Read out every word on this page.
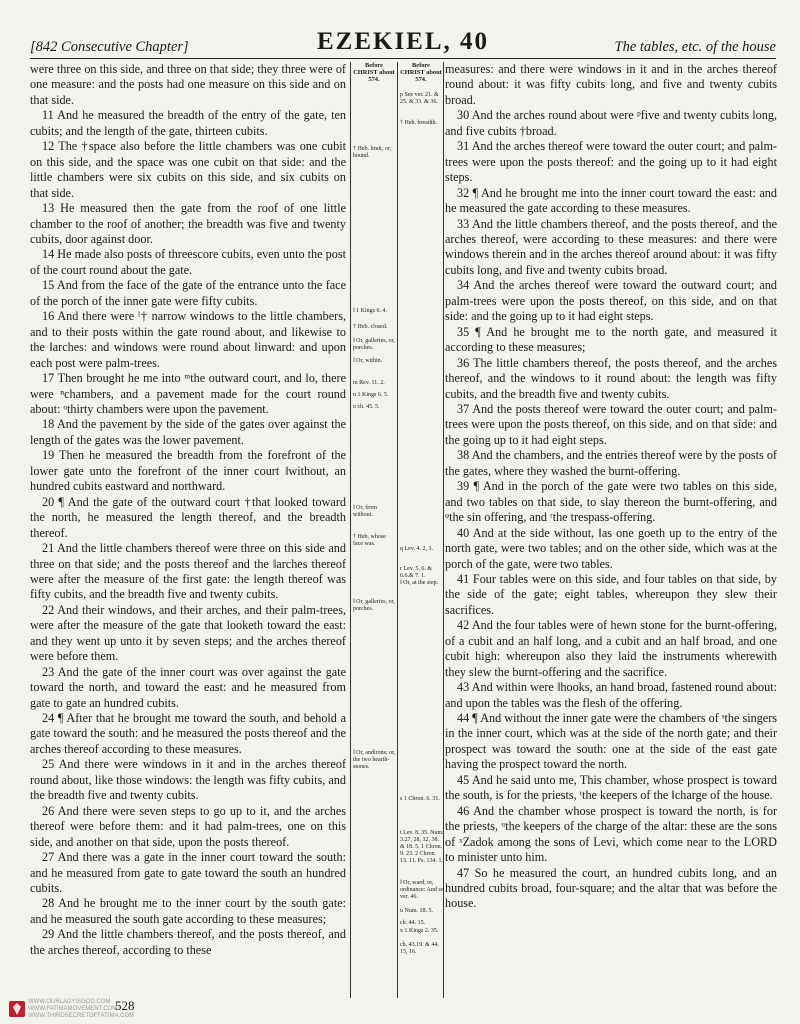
[842 Consecutive Chapter]	EZEKIEL, 40	The tables, etc. of the house

were three on this side, and three on that side; they three were of one measure: and the posts had one measure on this side and on that side.

11 And he measured the breadth of the entry of the gate, ten cubits; and the length of the gate, thirteen cubits.

12 The †space also before the little chambers was one cubit on this side, and the space was one cubit on that side: and the little chambers were six cubits on this side, and six cubits on that side.

13 He measured then the gate from the roof of one little chamber to the roof of another; the breadth was five and twenty cubits, door against door.

14 He made also posts of threescore cubits, even unto the post of the court round about the gate.

15 And from the face of the gate of the entrance unto the face of the porch of the inner gate were fifty cubits.

16 And there were ˡ† narrow windows to the little chambers, and to their posts within the gate round about, and likewise to the ‖arches: and windows were round about ‖inward: and upon each post were palm-trees.

17 Then brought he me into ᵐthe outward court, and lo, there were ⁿchambers, and a pavement made for the court round about: ᵒthirty chambers were upon the pavement.

18 And the pavement by the side of the gates over against the length of the gates was the lower pavement.

19 Then he measured the breadth from the forefront of the lower gate unto the forefront of the inner court ‖without, an hundred cubits eastward and northward.

20 ¶ And the gate of the outward court †that looked toward the north, he measured the length thereof, and the breadth thereof.

21 And the little chambers thereof were three on this side and three on that side; and the posts thereof and the ‖arches thereof were after the measure of the first gate: the length thereof was fifty cubits, and the breadth five and twenty cubits.

22 And their windows, and their arches, and their palm-trees, were after the measure of the gate that looketh toward the east: and they went up unto it by seven steps; and the arches thereof were before them.

23 And the gate of the inner court was over against the gate toward the north, and toward the east: and he measured from gate to gate an hundred cubits.

24 ¶ After that he brought me toward the south, and behold a gate toward the south: and he measured the posts thereof and the arches thereof according to these measures.

25 And there were windows in it and in the arches thereof round about, like those windows: the length was fifty cubits, and the breadth five and twenty cubits.

26 And there were seven steps to go up to it, and the arches thereof were before them: and it had palm-trees, one on this side, and another on that side, upon the posts thereof.

27 And there was a gate in the inner court toward the south: and he measured from gate to gate toward the south an hundred cubits.

28 And he brought me to the inner court by the south gate: and he measured the south gate according to these measures;

29 And the little chambers thereof, and the posts thereof, and the arches thereof, according to these

Before CHRIST about 574.
† Heb. limit, or, bound.
‖ 1 Kings 6. 4.
† Heb. closed.
‖ Or, galleries, or, porches.
‖ Or, within.
m Rev. 11. 2.
n 1 Kings 6. 5.
o ch. 45. 5.
‖ Or, from without.
† Heb. whose face was.
‖ Or, galleries, or, porches.
‖ Or, andirons; or, the two hearth-stones.
Before CHRIST about 574.
p See ver. 21. & 25. & 33. & 36.
† Heb. breadth.
q Lev. 4. 2, 3.
r Lev. 5. 6. & 6.6.& 7. 1.
‖ Or, at the step.
s 1 Chron. 6. 31.
t Lev. 8. 35. Num. 3.27, 28, 32, 38. & 18. 5. 1 Chron. 9. 23. 2 Chron. 13. 11. Ps. 134. 1.
‖ Or, ward, or, ordinance: And so ver. 46.
u Num. 18. 5.
ch. 44. 15.
x 1 Kings 2. 35.
ch. 43.19. & 44. 15, 16.

measures: and there were windows in it and in the arches thereof round about: it was fifty cubits long, and five and twenty cubits broad.

30 And the arches round about were ᵖfive and twenty cubits long, and five cubits †broad.

31 And the arches thereof were toward the outer court; and palm-trees were upon the posts thereof: and the going up to it had eight steps.

32 ¶ And he brought me into the inner court toward the east: and he measured the gate according to these measures.

33 And the little chambers thereof, and the posts thereof, and the arches thereof, were according to these measures: and there were windows therein and in the arches thereof around about: it was fifty cubits long, and five and twenty cubits broad.

34 And the arches thereof were toward the outward court; and palm-trees were upon the posts thereof, on this side, and on that side: and the going up to it had eight steps.

35 ¶ And he brought me to the north gate, and measured it according to these measures;

36 The little chambers thereof, the posts thereof, and the arches thereof, and the windows to it round about: the length was fifty cubits, and the breadth five and twenty cubits.

37 And the posts thereof were toward the outer court; and palm-trees were upon the posts thereof, on this side, and on that side: and the going up to it had eight steps.

38 And the chambers, and the entries thereof were by the posts of the gates, where they washed the burnt-offering.

39 ¶ And in the porch of the gate were two tables on this side, and two tables on that side, to slay thereon the burnt-offering, and ᵠthe sin offering, and ʳthe trespass-offering.

40 And at the side without, ‖as one goeth up to the entry of the north gate, were two tables; and on the other side, which was at the porch of the gate, were two tables.

41 Four tables were on this side, and four tables on that side, by the side of the gate; eight tables, whereupon they slew their sacrifices.

42 And the four tables were of hewn stone for the burnt-offering, of a cubit and an half long, and a cubit and an half broad, and one cubit high: whereupon also they laid the instruments wherewith they slew the burnt-offering and the sacrifice.

43 And within were ‖hooks, an hand broad, fastened round about: and upon the tables was the flesh of the offering.

44 ¶ And without the inner gate were the chambers of ˢthe singers in the inner court, which was at the side of the north gate; and their prospect was toward the south: one at the side of the east gate having the prospect toward the north.

45 And he said unto me, This chamber, whose prospect is toward the south, is for the priests, ᵗthe keepers of the ‖charge of the house.

46 And the chamber whose prospect is toward the north, is for the priests, ᵘthe keepers of the charge of the altar: these are the sons of ˣZadok among the sons of Levi, which come near to the LORD to minister unto him.

47 So he measured the court, an hundred cubits long, and an hundred cubits broad, four-square; and the altar that was before the house.

WWW.OURLADYISGOD.COM
WWW.FATIMAMOVEMENT.COM
WWW.THIRDSECRETOFFATIMA.COM
528
